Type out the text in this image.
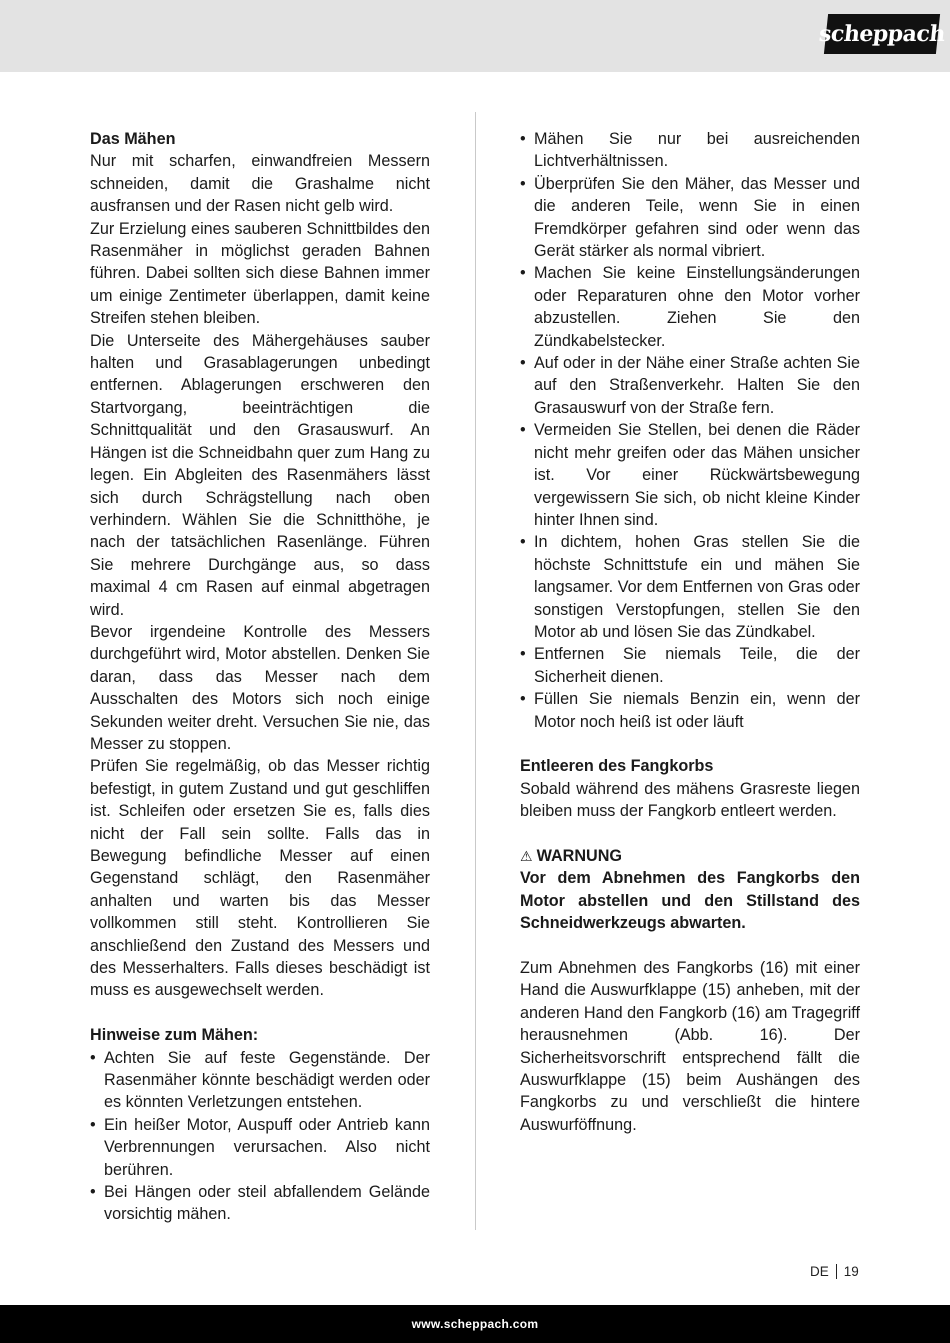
scheppach
Das Mähen

Nur mit scharfen, einwandfreien Messern schneiden, damit die Grashalme nicht ausfransen und der Rasen nicht gelb wird.

Zur Erzielung eines sauberen Schnittbildes den Rasenmäher in möglichst geraden Bahnen führen. Dabei sollten sich diese Bahnen immer um einige Zentimeter überlappen, damit keine Streifen stehen bleiben.

Die Unterseite des Mähergehäuses sauber halten und Grasablagerungen unbedingt entfernen. Ablagerungen erschweren den Startvorgang, beeinträchtigen die Schnittqualität und den Grasauswurf. An Hängen ist die Schneidbahn quer zum Hang zu legen. Ein Abgleiten des Rasenmähers lässt sich durch Schrägstellung nach oben verhindern. Wählen Sie die Schnitthöhe, je nach der tatsächlichen Rasenlänge. Führen Sie mehrere Durchgänge aus, so dass maximal 4 cm Rasen auf einmal abgetragen wird.

Bevor irgendeine Kontrolle des Messers durchgeführt wird, Motor abstellen. Denken Sie daran, dass das Messer nach dem Ausschalten des Motors sich noch einige Sekunden weiter dreht. Versuchen Sie nie, das Messer zu stoppen.

Prüfen Sie regelmäßig, ob das Messer richtig befestigt, in gutem Zustand und gut geschliffen ist. Schleifen oder ersetzen Sie es, falls dies nicht der Fall sein sollte. Falls das in Bewegung befindliche Messer auf einen Gegenstand schlägt, den Rasenmäher anhalten und warten bis das Messer vollkommen still steht. Kontrollieren Sie anschließend den Zustand des Messers und des Messerhalters. Falls dieses beschädigt ist muss es ausgewechselt werden.

Hinweise zum Mähen:
• Achten Sie auf feste Gegenstände. Der Rasenmäher könnte beschädigt werden oder es könnten Verletzungen entstehen.
• Ein heißer Motor, Auspuff oder Antrieb kann Verbrennungen verursachen. Also nicht berühren.
• Bei Hängen oder steil abfallendem Gelände vorsichtig mähen.
• Mähen Sie nur bei ausreichenden Lichtverhältnissen.
• Überprüfen Sie den Mäher, das Messer und die anderen Teile, wenn Sie in einen Fremdkörper gefahren sind oder wenn das Gerät stärker als normal vibriert.
• Machen Sie keine Einstellungsänderungen oder Reparaturen ohne den Motor vorher abzustellen. Ziehen Sie den Zündkabelstecker.
• Auf oder in der Nähe einer Straße achten Sie auf den Straßenverkehr. Halten Sie den Grasauswurf von der Straße fern.
• Vermeiden Sie Stellen, bei denen die Räder nicht mehr greifen oder das Mähen unsicher ist. Vor einer Rückwärtsbewegung vergewissern Sie sich, ob nicht kleine Kinder hinter Ihnen sind.
• In dichtem, hohen Gras stellen Sie die höchste Schnittstufe ein und mähen Sie langsamer. Vor dem Entfernen von Gras oder sonstigen Verstopfungen, stellen Sie den Motor ab und lösen Sie das Zündkabel.
• Entfernen Sie niemals Teile, die der Sicherheit dienen.
• Füllen Sie niemals Benzin ein, wenn der Motor noch heiß ist oder läuft
Entleeren des Fangkorbs

Sobald während des mähens Grasreste liegen bleiben muss der Fangkorb entleert werden.

⚠ WARNUNG

Vor dem Abnehmen des Fangkorbs den Motor abstellen und den Stillstand des Schneidwerkzeugs abwarten.

Zum Abnehmen des Fangkorbs (16) mit einer Hand die Auswurfklappe (15) anheben, mit der anderen Hand den Fangkorb (16) am Tragegriff herausnehmen (Abb. 16). Der Sicherheitsvorschrift entsprechend fällt die Auswurfklappe (15) beim Aushängen des Fangkorbs zu und verschließt die hintere Auswurföffnung.

DE 19
www.scheppach.com
